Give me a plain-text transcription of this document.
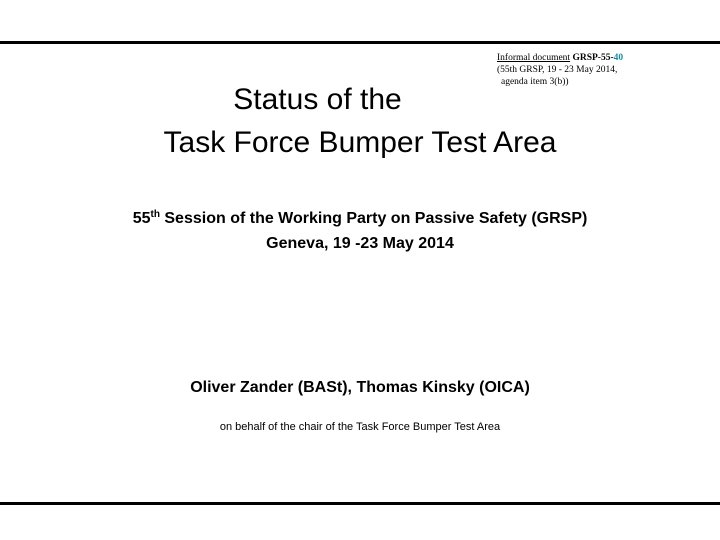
Informal document GRSP-55-40
(55th GRSP, 19 - 23 May 2014,
agenda item 3(b))
Status of the
Task Force Bumper Test Area
55th Session of the Working Party on Passive Safety (GRSP)
Geneva, 19 -23 May 2014
Oliver Zander (BASt), Thomas Kinsky (OICA)
on behalf of the chair of the Task Force Bumper Test Area
